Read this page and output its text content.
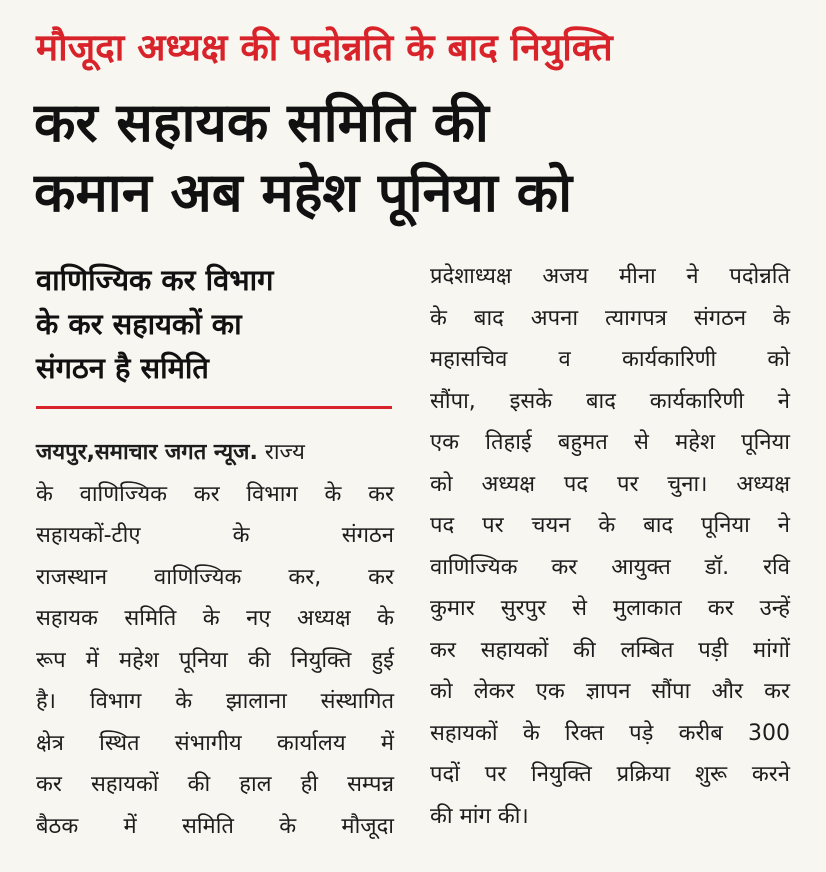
मौजूदा अध्यक्ष की पदोन्नति के बाद नियुक्ति
कर सहायक समिति की
कमान अब महेश पूनिया को
वाणिज्यिक कर विभाग
के कर सहायकों का
संगठन है समिति
जयपुर,समाचार जगत न्यूज. राज्य
के वाणिज्यिक कर विभाग के कर
सहायकों-टीए के संगठन
राजस्थान वाणिज्यिक कर, कर
सहायक समिति के नए अध्यक्ष के
रूप में महेश पूनिया की नियुक्ति हुई
है। विभाग के झालाना संस्थागित
क्षेत्र स्थित संभागीय कार्यालय में
कर सहायकों की हाल ही सम्पन्न
बैठक में समिति के मौजूदा
प्रदेशाध्यक्ष अजय मीना ने पदोन्नति
के बाद अपना त्यागपत्र संगठन के
महासचिव व कार्यकारिणी को
सौंपा, इसके बाद कार्यकारिणी ने
एक तिहाई बहुमत से महेश पूनिया
को अध्यक्ष पद पर चुना। अध्यक्ष
पद पर चयन के बाद पूनिया ने
वाणिज्यिक कर आयुक्त डॉ. रवि
कुमार सुरपुर से मुलाकात कर उन्हें
कर सहायकों की लम्बित पड़ी मांगों
को लेकर एक ज्ञापन सौंपा और कर
सहायकों के रिक्त पड़े करीब 300
पदों पर नियुक्ति प्रक्रिया शुरू करने
की मांग की।
